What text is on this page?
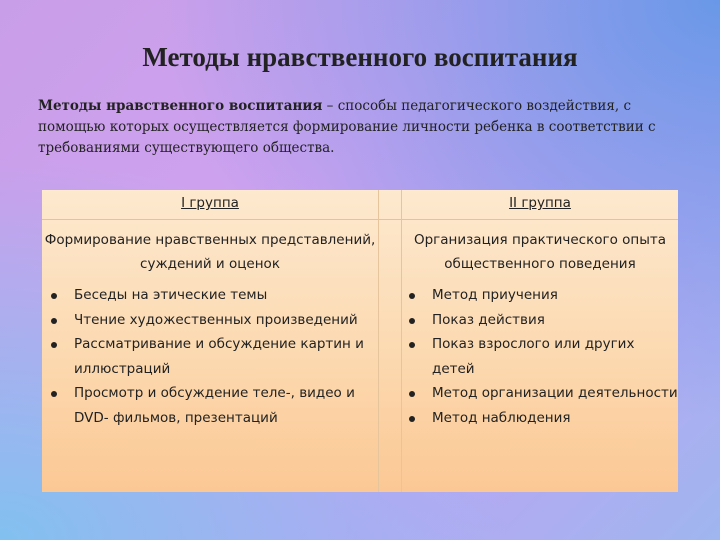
Методы нравственного воспитания
Методы нравственного воспитания – способы педагогического воздействия, с помощью которых осуществляется формирование личности ребенка в соответствии с требованиями существующего общества.
I группа
Формирование нравственных представлений, суждений и оценок
Беседы на этические темы
Чтение художественных произведений
Рассматривание и обсуждение картин и иллюстраций
Просмотр и обсуждение теле-, видео и DVD- фильмов, презентаций
II группа
Организация практического опыта общественного поведения
Метод приучения
Показ действия
Показ взрослого или других детей
Метод организации деятельности
Метод наблюдения
